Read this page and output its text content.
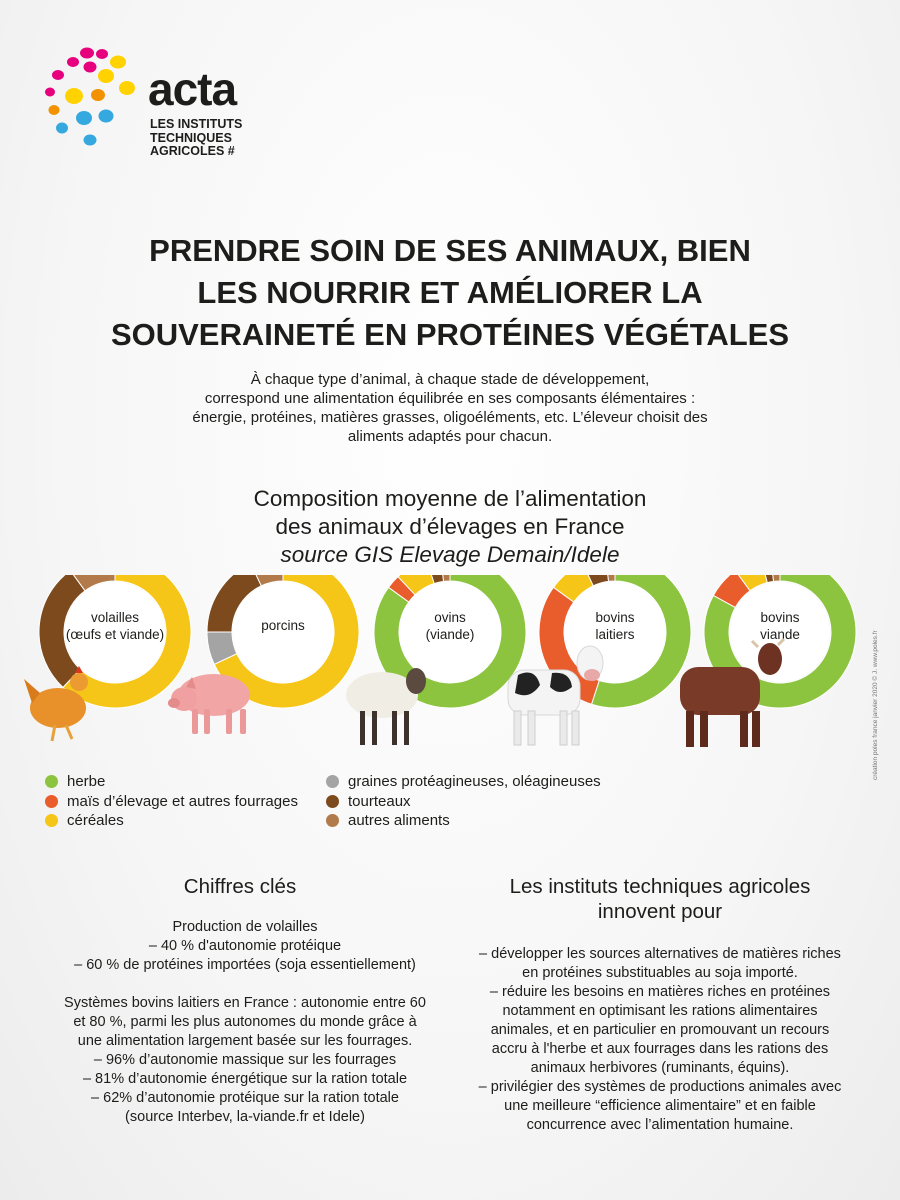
acta
LES INSTITUTS
TECHNIQUES
AGRICOLES #
PRENDRE SOIN DE SES ANIMAUX, BIEN
LES NOURRIR ET AMÉLIORER LA
SOUVERAINETÉ EN PROTÉINES VÉGÉTALES
À chaque type d’animal, à chaque stade de développement,
correspond une alimentation équilibrée en ses composants élémentaires :
énergie, protéines, matières grasses, oligoéléments, etc. L’éleveur choisit des
aliments adaptés pour chacun.
Composition moyenne de l’alimentation
des animaux d’élevages en France
source GIS Elevage Demain/Idele
volailles
(œufs et viande)
porcins
ovins
(viande)
bovins
laitiers
bovins
viande
herbe
maïs d’élevage et autres fourrages
céréales
graines protéagineuses, oléagineuses
tourteaux
autres aliments
Chiffres clés

Production de volailles

– 40 % d'autonomie protéique

– 60 % de protéines importées (soja essentiellement)

Systèmes bovins laitiers en France : autonomie entre 60

et 80 %, parmi les plus autonomes du monde grâce à

une alimentation largement basée sur les fourrages.

– 96% d’autonomie massique sur les fourrages

– 81% d’autonomie énergétique sur la ration totale

– 62% d’autonomie protéique sur la ration totale

(source Interbev, la-viande.fr et Idele)

Les instituts techniques agricoles
innovent pour

– développer les sources alternatives de matières riches

en protéines substituables au soja importé.

– réduire les besoins en matières riches en protéines

notamment en optimisant les rations alimentaires

animales, et en particulier en promouvant un recours

accru à l'herbe et aux fourrages dans les rations des

animaux herbivores (ruminants, équins).

– privilégier des systèmes de productions animales avec

une meilleure “efficience alimentaire” et en faible

concurrence avec l’alimentation humaine.

création poles france janvier 2020 © J. www.poles.fr
